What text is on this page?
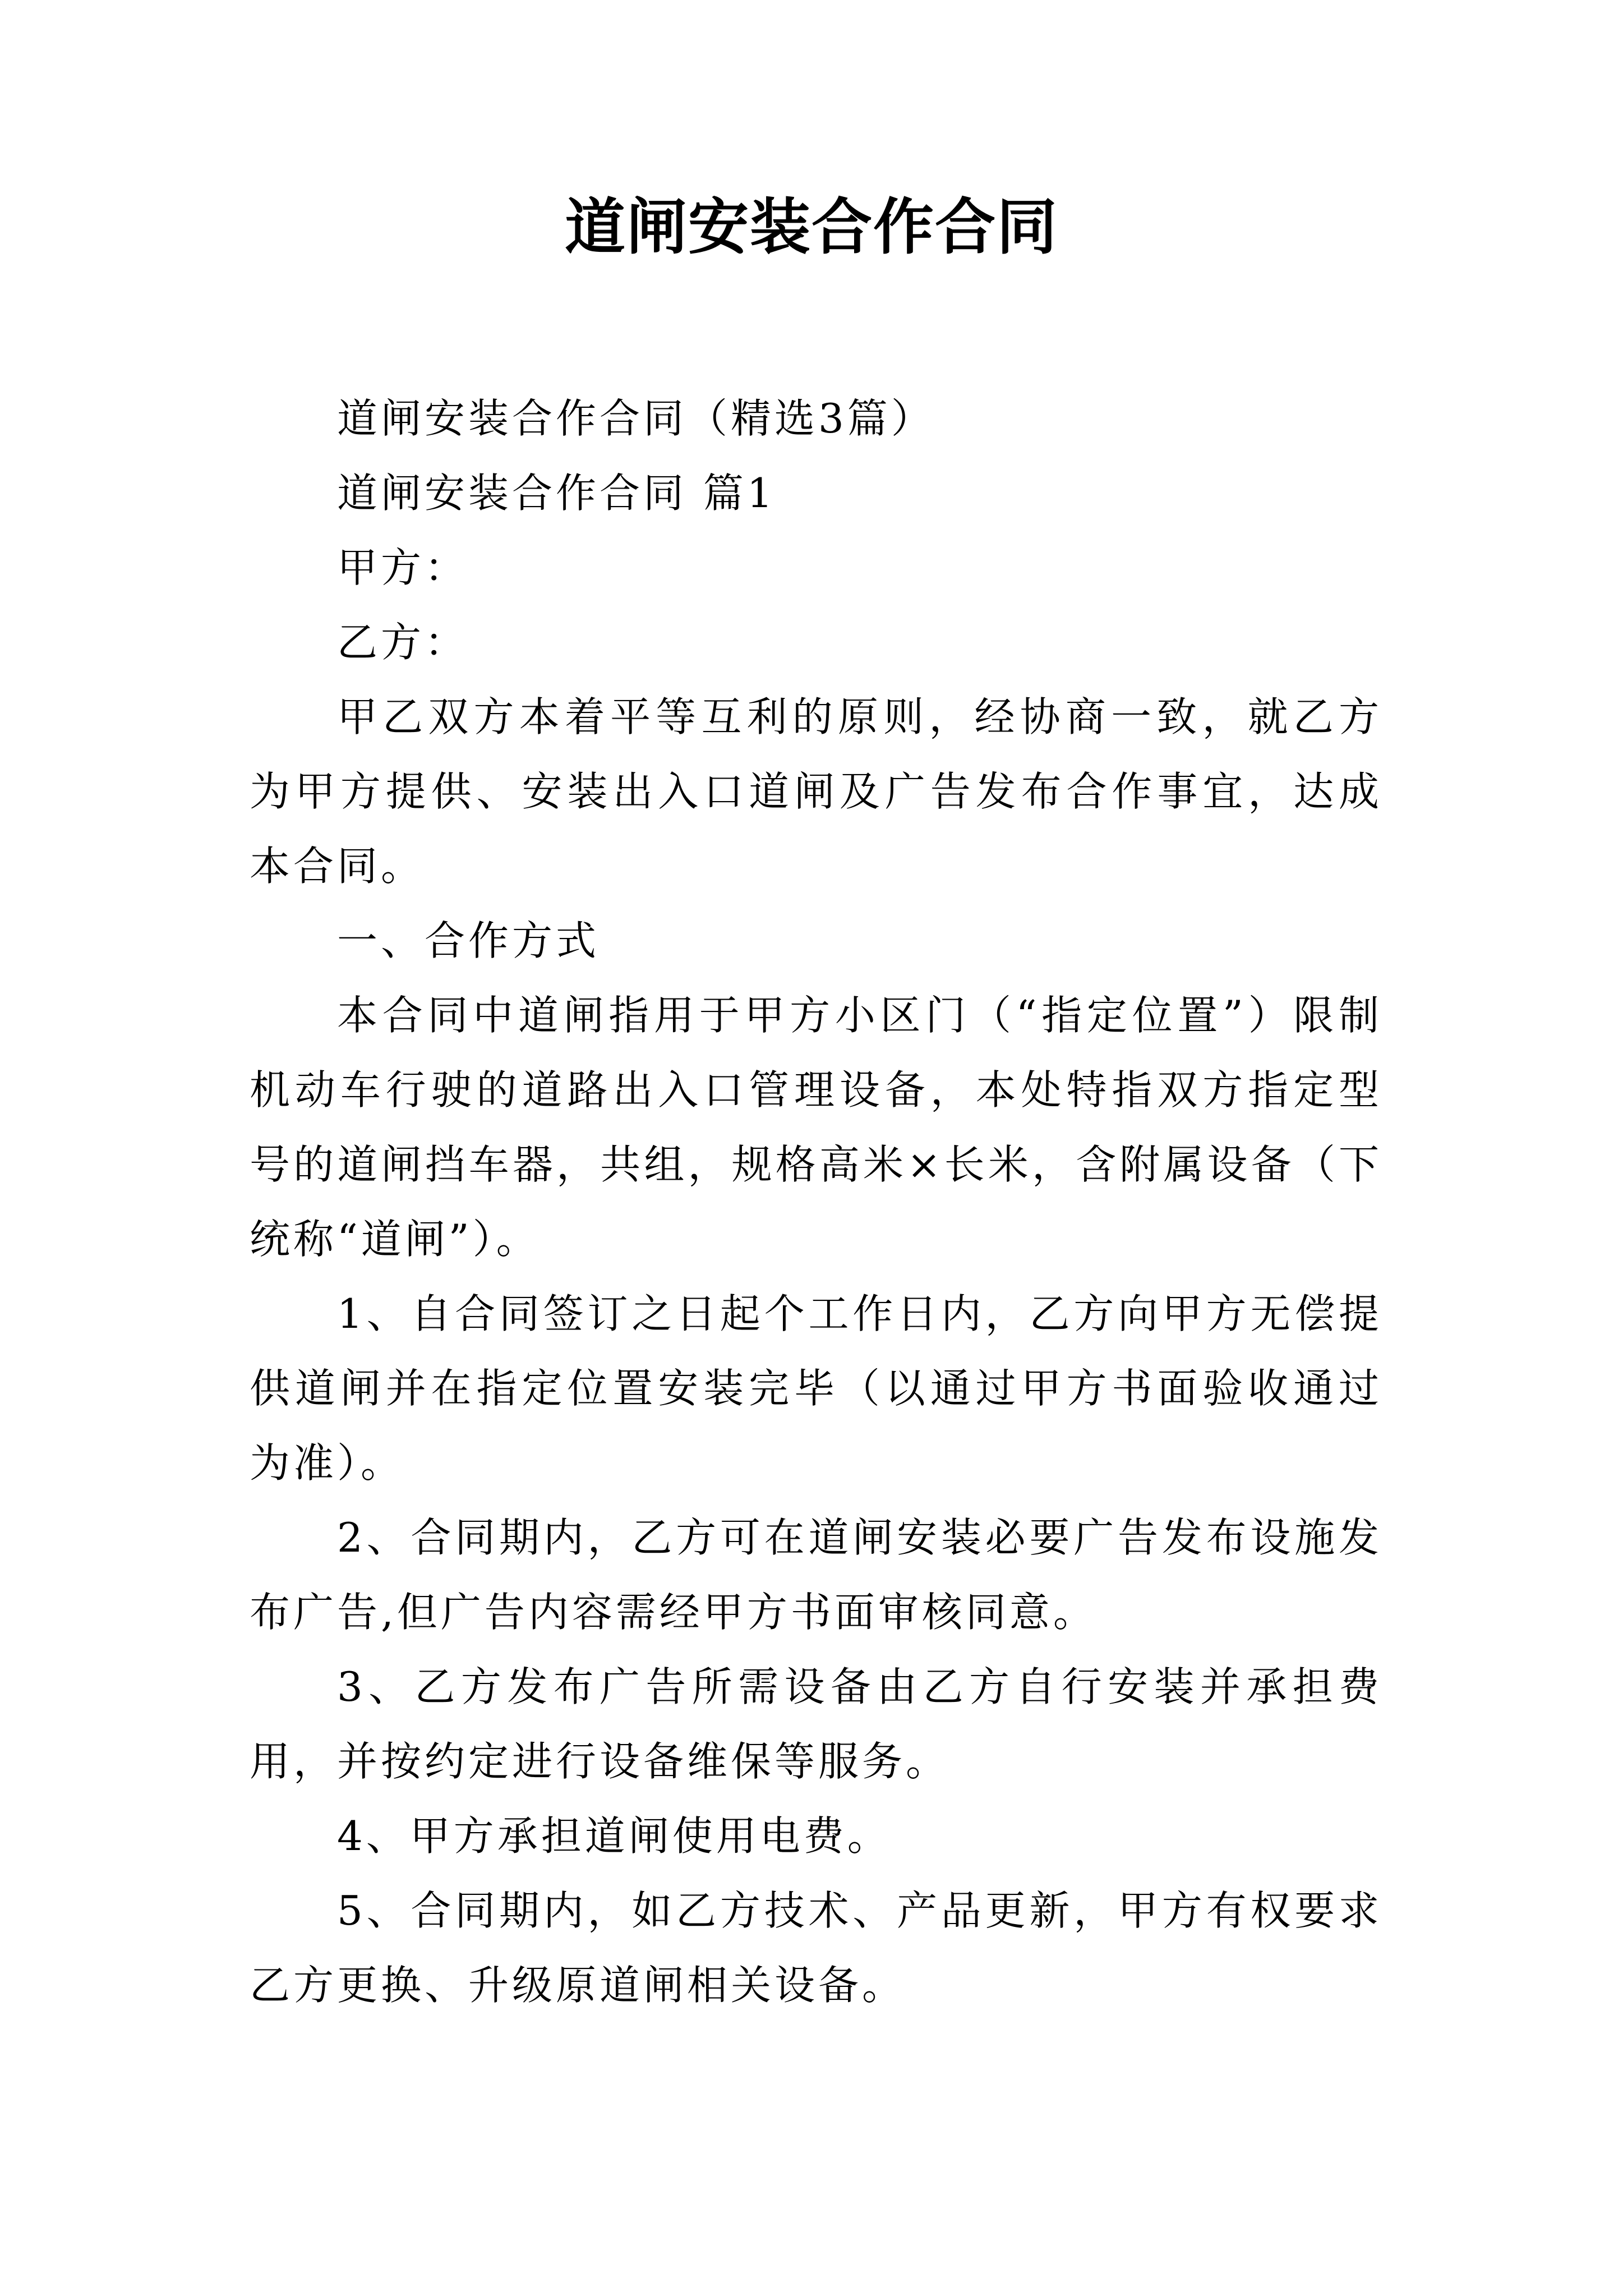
道闸安装合作合同

道闸安装合作合同（精选3篇）

道闸安装合作合同 篇1

甲方：

乙方：

甲乙双方本着平等互利的原则，经协商一致，就乙方为甲方提供、安装出入口道闸及广告发布合作事宜，达成本合同。

一、合作方式

本合同中道闸指用于甲方小区门（“指定位置”）限制机动车行驶的道路出入口管理设备，本处特指双方指定型号的道闸挡车器，共组，规格高米×长米，含附属设备（下统称“道闸”）。

1、自合同签订之日起个工作日内，乙方向甲方无偿提供道闸并在指定位置安装完毕（以通过甲方书面验收通过为准）。

2、合同期内，乙方可在道闸安装必要广告发布设施发布广告,但广告内容需经甲方书面审核同意。

3、乙方发布广告所需设备由乙方自行安装并承担费用，并按约定进行设备维保等服务。

4、甲方承担道闸使用电费。

5、合同期内，如乙方技术、产品更新，甲方有权要求乙方更换、升级原道闸相关设备。
